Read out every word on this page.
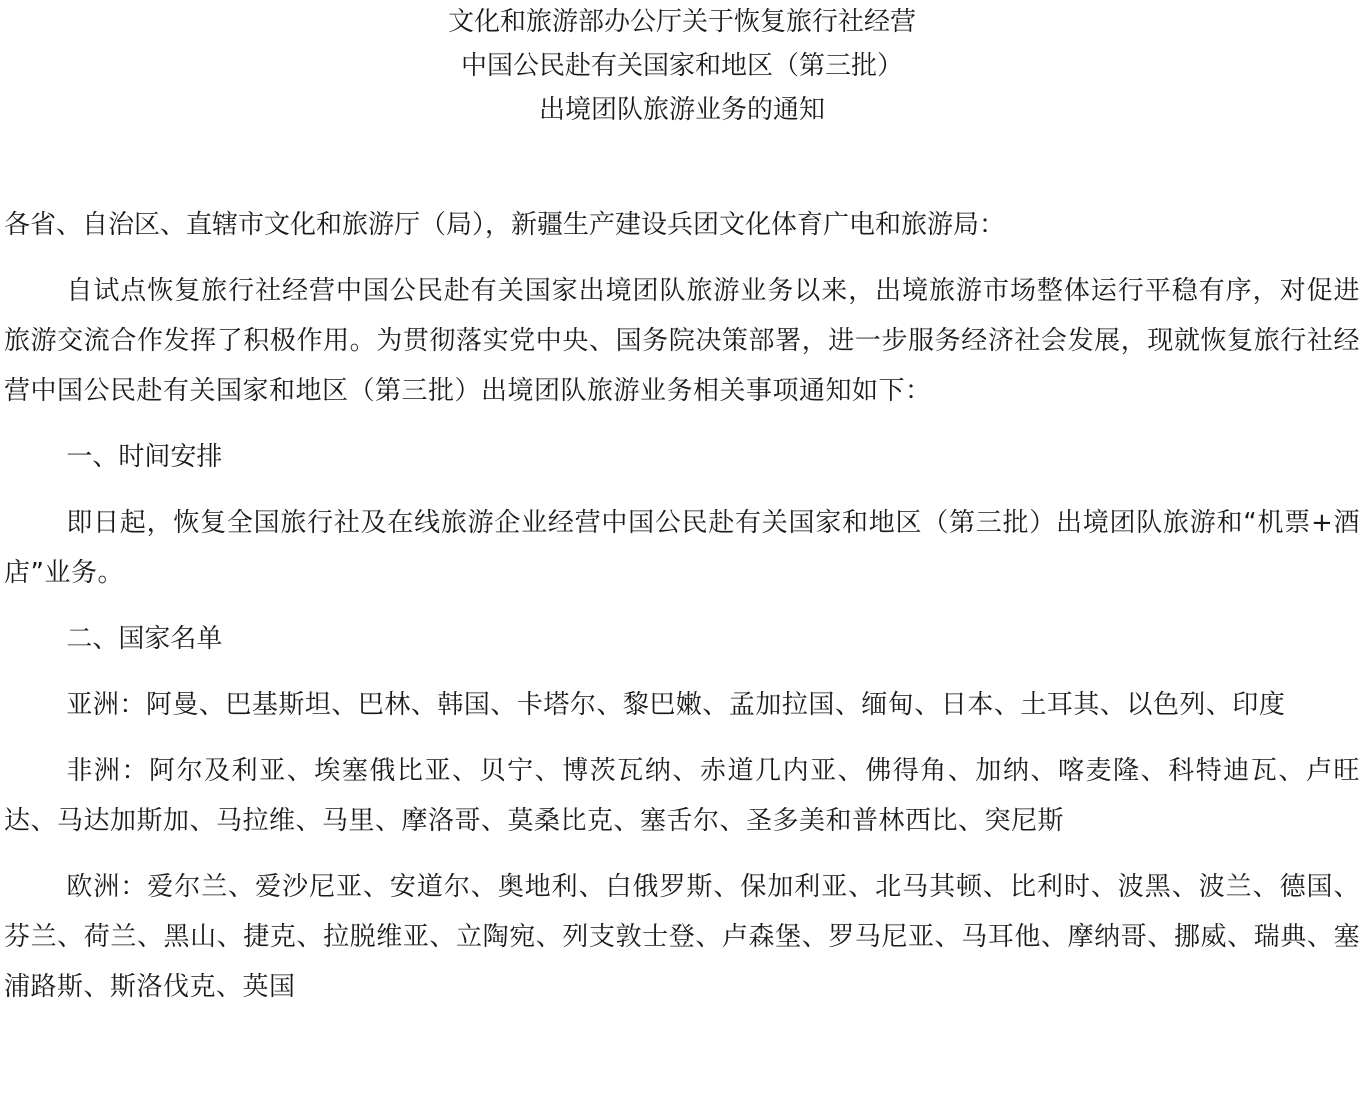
文化和旅游部办公厅关于恢复旅行社经营
中国公民赴有关国家和地区（第三批）
出境团队旅游业务的通知
各省、自治区、直辖市文化和旅游厅（局），新疆生产建设兵团文化体育广电和旅游局：
自试点恢复旅行社经营中国公民赴有关国家出境团队旅游业务以来，出境旅游市场整体运行平稳有序，对促进旅游交流合作发挥了积极作用。为贯彻落实党中央、国务院决策部署，进一步服务经济社会发展，现就恢复旅行社经营中国公民赴有关国家和地区（第三批）出境团队旅游业务相关事项通知如下：
一、时间安排
即日起，恢复全国旅行社及在线旅游企业经营中国公民赴有关国家和地区（第三批）出境团队旅游和“机票+酒店”业务。
二、国家名单
亚洲：阿曼、巴基斯坦、巴林、韩国、卡塔尔、黎巴嫩、孟加拉国、缅甸、日本、土耳其、以色列、印度
非洲：阿尔及利亚、埃塞俄比亚、贝宁、博茨瓦纳、赤道几内亚、佛得角、加纳、喀麦隆、科特迪瓦、卢旺达、马达加斯加、马拉维、马里、摩洛哥、莫桑比克、塞舌尔、圣多美和普林西比、突尼斯
欧洲：爱尔兰、爱沙尼亚、安道尔、奥地利、白俄罗斯、保加利亚、北马其顿、比利时、波黑、波兰、德国、芬兰、荷兰、黑山、捷克、拉脱维亚、立陶宛、列支敦士登、卢森堡、罗马尼亚、马耳他、摩纳哥、挪威、瑞典、塞浦路斯、斯洛伐克、英国
